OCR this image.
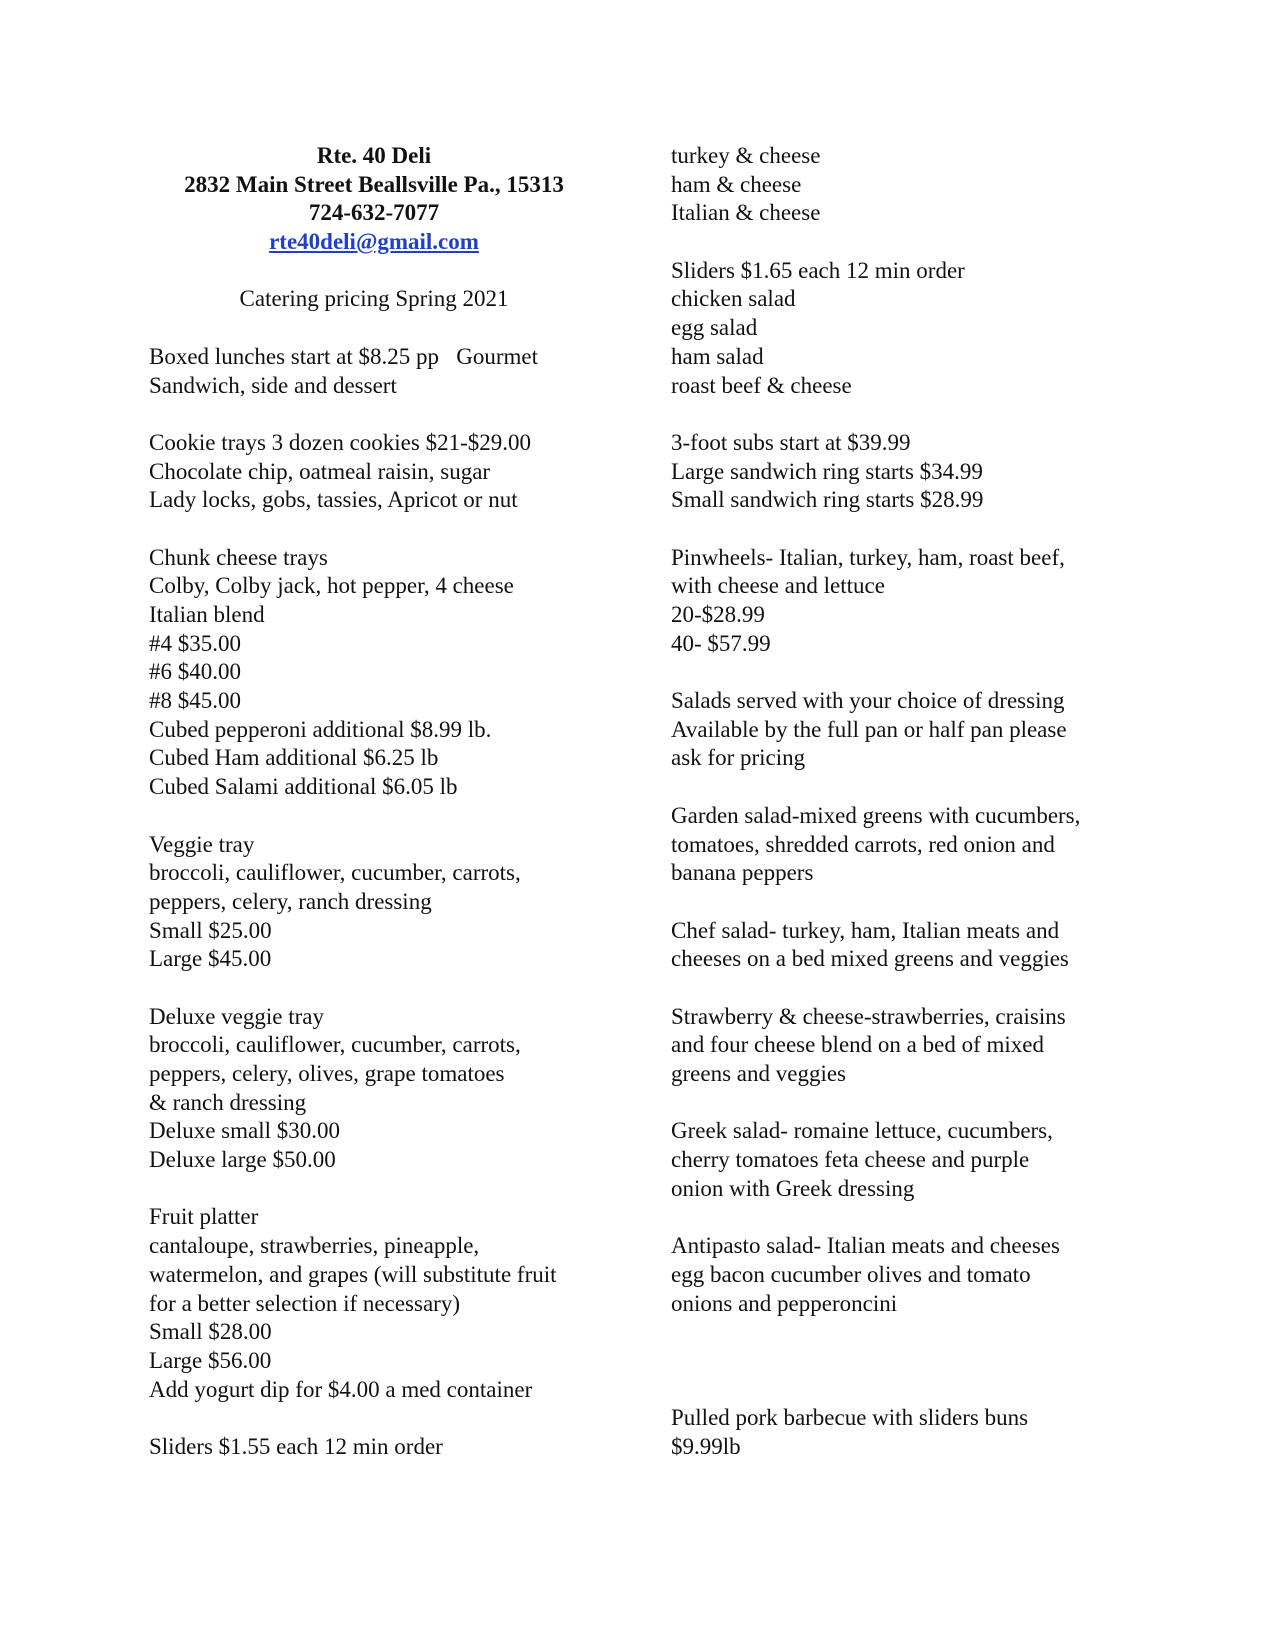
Rte. 40 Deli
2832 Main Street Beallsville Pa., 15313
724-632-7077
rte40deli@gmail.com
Catering pricing Spring 2021
Boxed lunches start at $8.25 pp   Gourmet
Sandwich, side and dessert
Cookie trays 3 dozen cookies $21-$29.00
Chocolate chip, oatmeal raisin, sugar
Lady locks, gobs, tassies, Apricot or nut
Chunk cheese trays
Colby, Colby jack, hot pepper, 4 cheese
Italian blend
#4 $35.00
#6 $40.00
#8 $45.00
Cubed pepperoni additional $8.99 lb.
Cubed Ham additional $6.25 lb
Cubed Salami additional $6.05 lb
Veggie tray
broccoli, cauliflower, cucumber, carrots,
peppers, celery, ranch dressing
Small $25.00
Large $45.00
Deluxe veggie tray
broccoli, cauliflower, cucumber, carrots,
peppers, celery, olives, grape tomatoes
& ranch dressing
Deluxe small $30.00
Deluxe large $50.00
Fruit platter
cantaloupe, strawberries, pineapple,
watermelon, and grapes (will substitute fruit
for a better selection if necessary)
Small $28.00
Large $56.00
Add yogurt dip for $4.00 a med container
Sliders $1.55 each 12 min order
turkey & cheese
ham & cheese
Italian & cheese
Sliders $1.65 each 12 min order
chicken salad
egg salad
ham salad
roast beef & cheese
3-foot subs start at $39.99
Large sandwich ring starts $34.99
Small sandwich ring starts $28.99
Pinwheels- Italian, turkey, ham, roast beef,
with cheese and lettuce
20-$28.99
40- $57.99
Salads served with your choice of dressing
Available by the full pan or half pan please
ask for pricing
Garden salad-mixed greens with cucumbers,
tomatoes, shredded carrots, red onion and
banana peppers
Chef salad- turkey, ham, Italian meats and
cheeses on a bed mixed greens and veggies
Strawberry & cheese-strawberries, craisins
and four cheese blend on a bed of mixed
greens and veggies
Greek salad- romaine lettuce, cucumbers,
cherry tomatoes feta cheese and purple
onion with Greek dressing
Antipasto salad- Italian meats and cheeses
egg bacon cucumber olives and tomato
onions and pepperoncini
Pulled pork barbecue with sliders buns
$9.99lb
